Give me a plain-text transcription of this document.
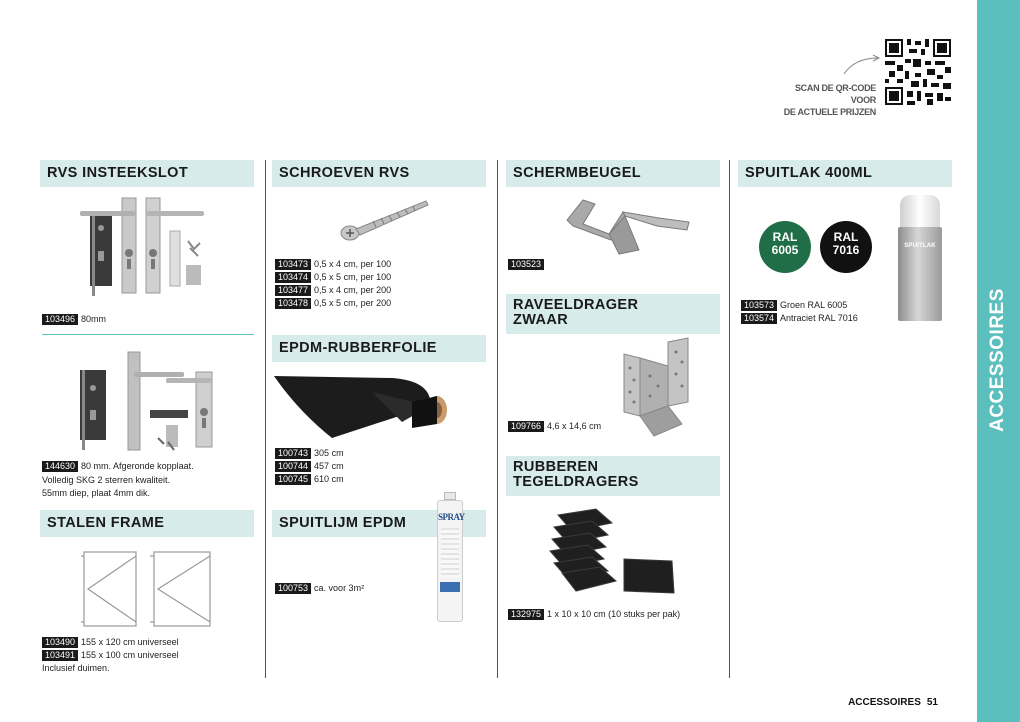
ACCESSOIRES
SCAN DE QR-CODE VOOR
DE ACTUELE PRIJZEN
RVS INSTEEKSLOT
103496 80mm
144630 80 mm. Afgeronde kopplaat.
Volledig SKG 2 sterren kwaliteit.
55mm diep, plaat 4mm dik.
STALEN FRAME
103490 155 x 120 cm universeel
103491 155 x 100 cm universeel
Inclusief duimen.
SCHROEVEN RVS
103473 0,5 x 4 cm, per 100
103474 0,5 x 5 cm, per 100
103477 0,5 x 4 cm, per 200
103478 0,5 x 5 cm, per 200
EPDM-RUBBERFOLIE
100743 305 cm
100744 457 cm
100745 610 cm
SPUITLIJM EPDM	SPRAY
100753 ca. voor 3m²
SCHERMBEUGEL
103523
RAVEELDRAGER
ZWAAR
109766 4,6 x 14,6 cm
RUBBEREN
TEGELDRAGERS
132975 1 x 10 x 10 cm (10 stuks per pak)
SPUITLAK 400ML
RAL
6005
RAL
7016	SPUITLAK
103573 Groen RAL 6005
103574 Antraciet RAL 7016
ACCESSOIRES 51
